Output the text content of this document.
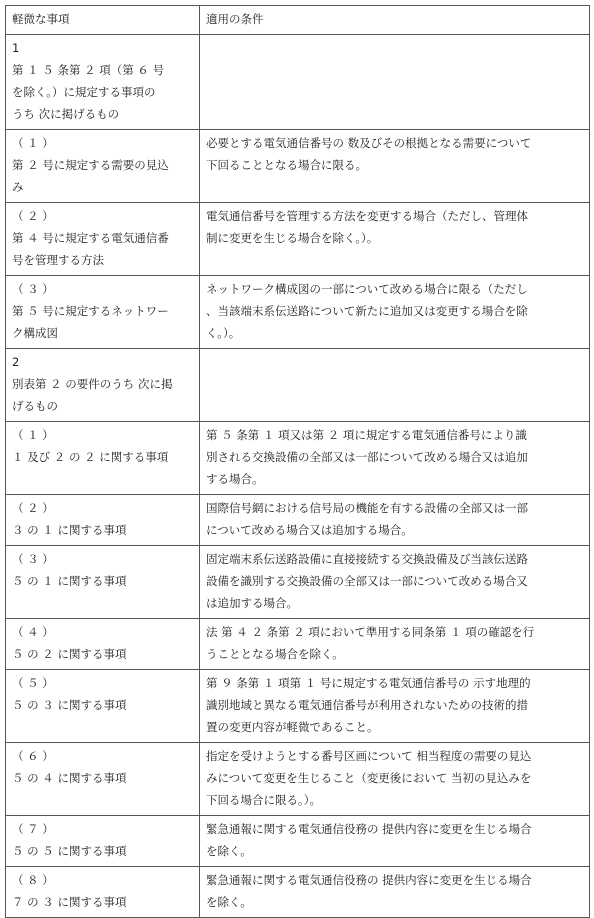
軽微な事項	適用の条件

1
第 １ ５ 条第 ２ 項（第 ６ 号
を除く。）に規定する事項の
うち 次に掲げるもの	

（ １ ）
第 ２ 号に規定する需要の見込
み	必要とする電気通信番号の 数及びその根拠となる需要について
下回ることとなる場合に限る。

（ ２ ）
第 ４ 号に規定する電気通信番
号を管理する方法	電気通信番号を管理する方法を変更する場合（ただし、管理体
制に変更を生じる場合を除く。）。

（ ３ ）
第 ５ 号に規定するネットワー
ク構成図	ネットワーク構成図の一部について改める場合に限る（ただし
、当該端末系伝送路について新たに追加又は変更する場合を除
く。）。

2
別表第 ２ の要件のうち 次に掲
げるもの	

（ １ ）
１ 及び ２ の ２ に関する事項	第 ５ 条第 １ 項又は第 ２ 項に規定する電気通信番号により識
別される交換設備の全部又は一部について改める場合又は追加
する場合。

（ ２ ）
３ の １ に関する事項	国際信号網における信号局の機能を有する設備の全部又は一部
について改める場合又は追加する場合。

（ ３ ）
５ の １ に関する事項	固定端末系伝送路設備に直接接続する交換設備及び当該伝送路
設備を識別する交換設備の全部又は一部について改める場合又
は追加する場合。

（ ４ ）
５ の ２ に関する事項	法 第 ４ ２ 条第 ２ 項において準用する同条第 １ 項の確認を行
うこととなる場合を除く。

（ ５ ）
５ の ３ に関する事項	第 ９ 条第 １ 項第 １ 号に規定する電気通信番号の 示す地理的
識別地域と異なる電気通信番号が利用されないための技術的措
置の変更内容が軽微であること。

（ ６ ）
５ の ４ に関する事項	指定を受けようとする番号区画について 相当程度の需要の見込
みについて変更を生じること（変更後において 当初の見込みを
下回る場合に限る。）。

（ ７ ）
５ の ５ に関する事項	緊急通報に関する電気通信役務の 提供内容に変更を生じる場合
を除く。

（ ８ ）
７ の ３ に関する事項	緊急通報に関する電気通信役務の 提供内容に変更を生じる場合
を除く。
